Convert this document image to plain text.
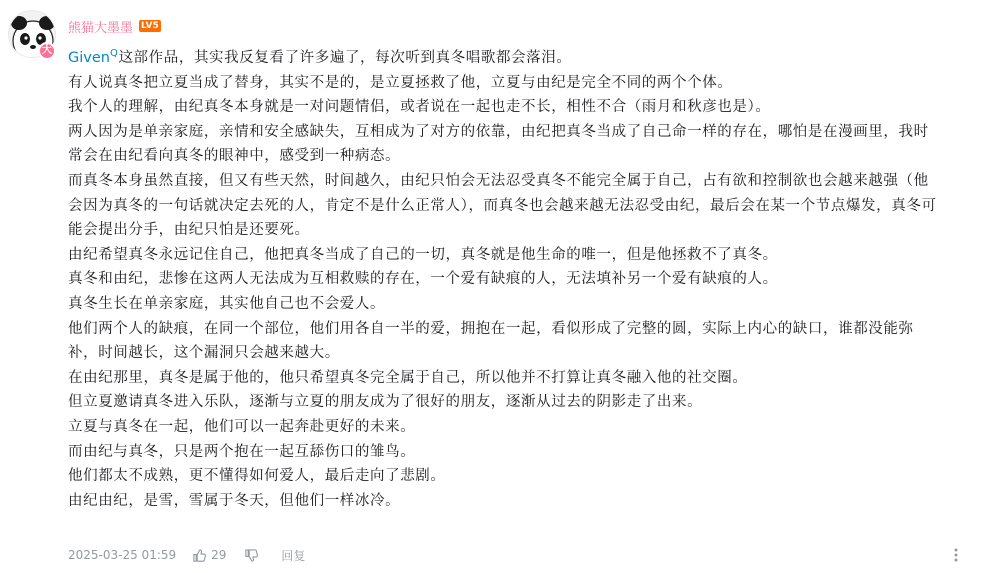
大
熊猫大墨墨 LV5
Given$^Q$这部作品，其实我反复看了许多遍了，每次听到真冬唱歌都会落泪。
有人说真冬把立夏当成了替身，其实不是的，是立夏拯救了他，立夏与由纪是完全不同的两个个体。
我个人的理解，由纪真冬本身就是一对问题情侣，或者说在一起也走不长，相性不合（雨月和秋彦也是）。
两人因为是单亲家庭，亲情和安全感缺失，互相成为了对方的依靠，由纪把真冬当成了自己命一样的存在，哪怕是在漫画里，我时
常会在由纪看向真冬的眼神中，感受到一种病态。
而真冬本身虽然直接，但又有些天然，时间越久，由纪只怕会无法忍受真冬不能完全属于自己，占有欲和控制欲也会越来越强（他
会因为真冬的一句话就决定去死的人，肯定不是什么正常人），而真冬也会越来越无法忍受由纪，最后会在某一个节点爆发，真冬可
能会提出分手，由纪只怕是还要死。
由纪希望真冬永远记住自己，他把真冬当成了自己的一切，真冬就是他生命的唯一，但是他拯救不了真冬。
真冬和由纪，悲惨在这两人无法成为互相救赎的存在，一个爱有缺痕的人，无法填补另一个爱有缺痕的人。
真冬生长在单亲家庭，其实他自己也不会爱人。
他们两个人的缺痕，在同一个部位，他们用各自一半的爱，拥抱在一起，看似形成了完整的圆，实际上内心的缺口，谁都没能弥
补，时间越长，这个漏洞只会越来越大。
在由纪那里，真冬是属于他的，他只希望真冬完全属于自己，所以他并不打算让真冬融入他的社交圈。
但立夏邀请真冬进入乐队，逐渐与立夏的朋友成为了很好的朋友，逐渐从过去的阴影走了出来。
立夏与真冬在一起，他们可以一起奔赴更好的未来。
而由纪与真冬，只是两个抱在一起互舔伤口的雏鸟。
他们都太不成熟，更不懂得如何爱人，最后走向了悲剧。
由纪由纪，是雪，雪属于冬天，但他们一样冰冷。
2025-03-25 01:59	29	回复
